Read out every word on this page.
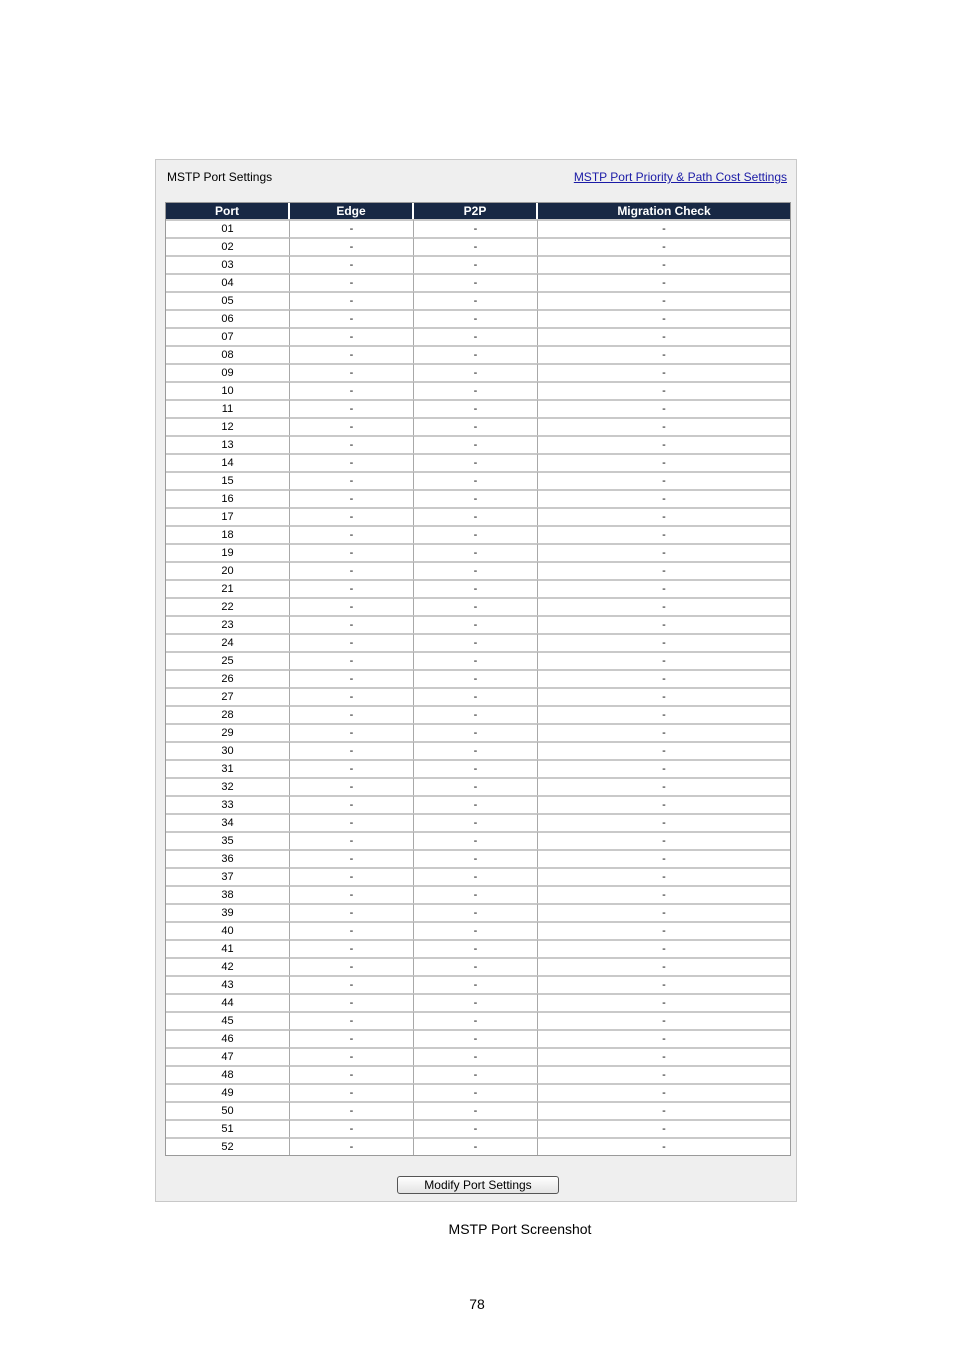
MSTP Port Settings	MSTP Port Priority & Path Cost Settings
Port	Edge	P2P	Migration Check
01	-	-	-
02	-	-	-
03	-	-	-
04	-	-	-
05	-	-	-
06	-	-	-
07	-	-	-
08	-	-	-
09	-	-	-
10	-	-	-
11	-	-	-
12	-	-	-
13	-	-	-
14	-	-	-
15	-	-	-
16	-	-	-
17	-	-	-
18	-	-	-
19	-	-	-
20	-	-	-
21	-	-	-
22	-	-	-
23	-	-	-
24	-	-	-
25	-	-	-
26	-	-	-
27	-	-	-
28	-	-	-
29	-	-	-
30	-	-	-
31	-	-	-
32	-	-	-
33	-	-	-
34	-	-	-
35	-	-	-
36	-	-	-
37	-	-	-
38	-	-	-
39	-	-	-
40	-	-	-
41	-	-	-
42	-	-	-
43	-	-	-
44	-	-	-
45	-	-	-
46	-	-	-
47	-	-	-
48	-	-	-
49	-	-	-
50	-	-	-
51	-	-	-
52	-	-	-
Modify Port Settings
MSTP Port Screenshot
78
